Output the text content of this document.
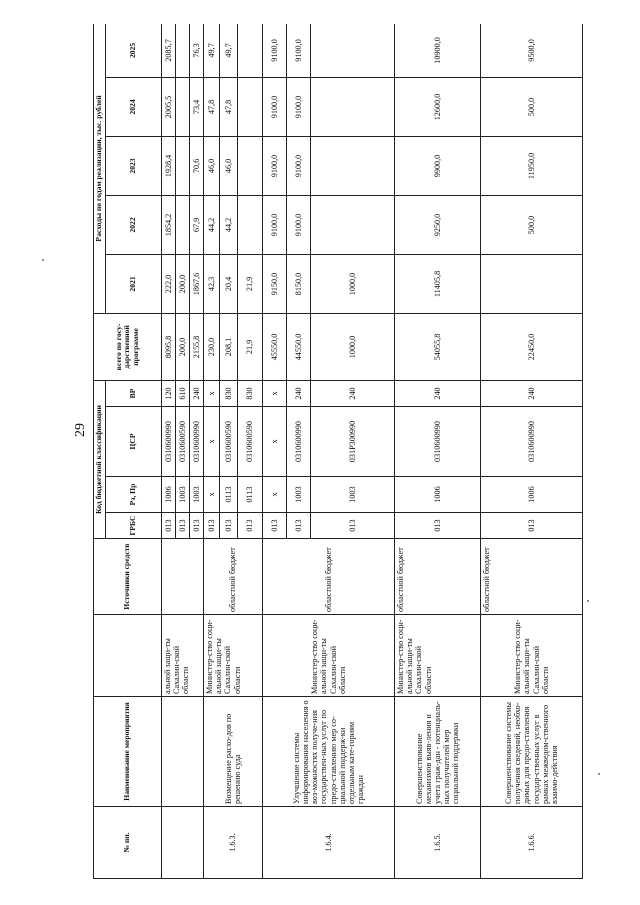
29
№ пп.	Наименование мероприятия		Источники средств	Код бюджетной классификации				всего по госу-дарственной программе	Расходы по годам реализации, тыс. рублей				
				ГРБС	Рз, Пр	ЦСР	ВР		2021	2022	2023	2024	2025
		альной защи-ты Сахалин-ской области		013	1006	0310600990	120	8095,8	222,0	1854,2	1928,4	2005,5	2085,7
				013	1003	0310600590	610	200,0	200,0				
				013	1003	0310600990	240	2155,8	1867,6	67,9	70,6	73,4	76,3
1.6.3.	Возмещение расхо-дов по решению суда	Министер-ство соци-альной защи-ты Сахалин-ской области	областной бюджет	013	х	х	х	230,0	42,3	44,2	46,0	47,8	49,7
				013	0113	0310600590	830	208,1	20,4	44,2	46,0	47,8	49,7
				013	0113	0310600590	830	21,9	21,9				
1.6.4.	Улучшение системы информирования населения о воз-можностях получе-ния государствен-ных услуг по предо-ставлению мер со-циальной поддерж-ки отдельным кате-гориям граждан	Министер-ство соци-альной защи-ты Сахалин-ской области	областной бюджет	013	х	х	х	45550,0	9150,0	9100,0	9100,0	9100,0	9100,0
				013	1003	0310600990	240	44550,0	8150,0	9100,0	9100,0	9100,0	9100,0
				013	1003	031P300990	240	1000,0	1000,0				
1.6.5.	Совершенствование механизмов выяв-ления и учета граж-дан - потенциаль-ных получателей мер социальной поддержки	Министер-ство соци-альной защи-ты Сахалин-ской области	областной бюджет	013	1006	0310600990	240	54055,8	11405,8	9250,0	9900,0	12600,0	10900,0
1.6.6.	Совершенствование системы получения сведений, необхо-димых для предо-ставления государ-ственных услуг в рамках межведом-ственного взаимо-действия	Министер-ство соци-альной защи-ты Сахалин-ской области	областной бюджет	013	1006	0310600990	240	22450,0		500,0	11950,0	500,0	9500,0
